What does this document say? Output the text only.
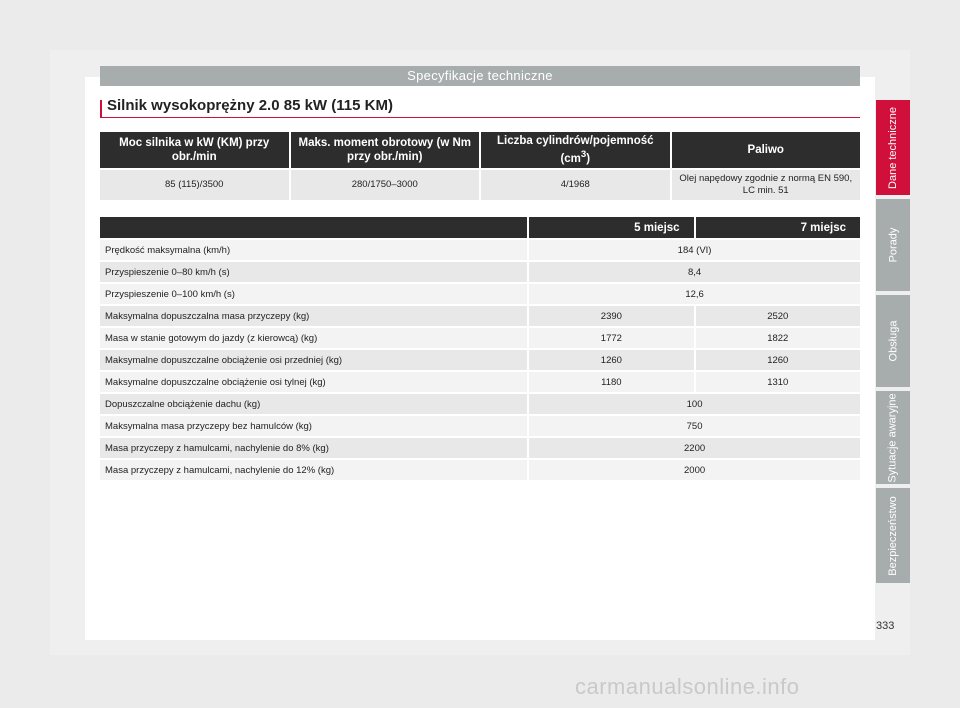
Specyfikacje techniczne
Silnik wysokoprężny 2.0 85 kW (115 KM)
Moc silnika w kW (KM) przy obr./min	Maks. moment obrotowy (w Nm przy obr./min)	Liczba cylindrów/pojemność $(cm^3)$	Paliwo
85 (115)/3500	280/1750–3000	4/1968	Olej napędowy zgodnie z normą EN 590, LC min. 51
	5 miejsc	7 miejsc
Prędkość maksymalna (km/h)	184 (VI)	
Przyspieszenie 0–80 km/h (s)	8,4	
Przyspieszenie 0–100 km/h (s)	12,6	
Maksymalna dopuszczalna masa przyczepy (kg)	2390	2520
Masa w stanie gotowym do jazdy (z kierowcą) (kg)	1772	1822
Maksymalne dopuszczalne obciążenie osi przedniej (kg)	1260	1260
Maksymalne dopuszczalne obciążenie osi tylnej (kg)	1180	1310
Dopuszczalne obciążenie dachu (kg)	100	
Maksymalna masa przyczepy bez hamulców (kg)	750	
Masa przyczepy z hamulcami, nachylenie do 8% (kg)	2200	
Masa przyczepy z hamulcami, nachylenie do 12% (kg)	2000	
Dane techniczne
Porady
Obsługa
Sytuacje awaryjne
Bezpieczeństwo
333
carmanualsonline.info
